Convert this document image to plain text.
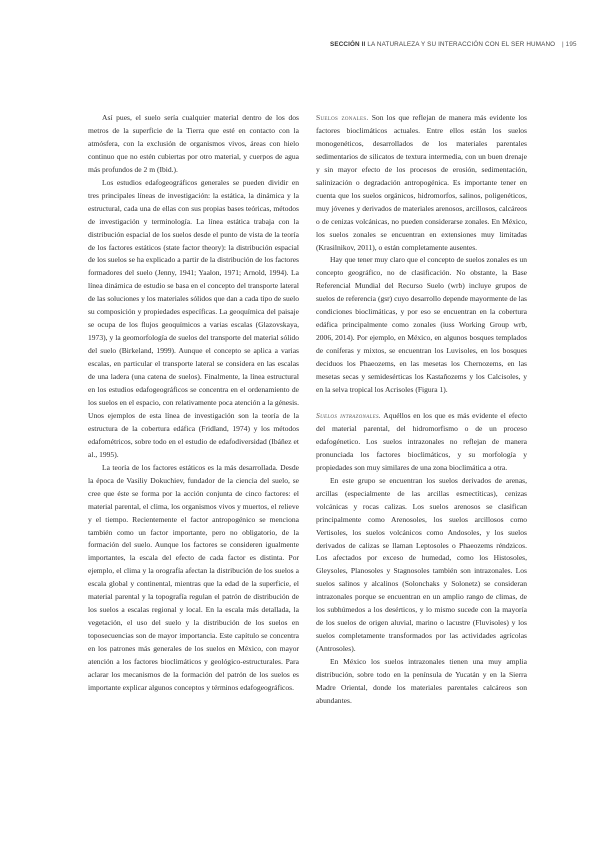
SECCIÓN II LA NATURALEZA Y SU INTERACCIÓN CON EL SER HUMANO | 195

Así pues, el suelo sería cualquier material dentro de los dos metros de la superficie de la Tierra que esté en contacto con la atmósfera, con la exclusión de organismos vivos, áreas con hielo continuo que no estén cubiertas por otro material, y cuerpos de agua más profundos de 2 m (Ibid.).

Los estudios edafogeográficos generales se pueden dividir en tres principales líneas de investigación: la estática, la dinámica y la estructural, cada una de ellas con sus propias bases teóricas, métodos de investigación y terminología. La línea estática trabaja con la distribución espacial de los suelos desde el punto de vista de la teoría de los factores estáticos (state factor theory): la distribución espacial de los suelos se ha explicado a partir de la distribución de los factores formadores del suelo (Jenny, 1941; Yaalon, 1971; Arnold, 1994). La línea dinámica de estudio se basa en el concepto del transporte lateral de las soluciones y los materiales sólidos que dan a cada tipo de suelo su composición y propiedades específicas. La geoquímica del paisaje se ocupa de los flujos geoquímicos a varias escalas (Glazovskaya, 1973), y la geomorfología de suelos del transporte del material sólido del suelo (Birkeland, 1999). Aunque el concepto se aplica a varias escalas, en particular el transporte lateral se considera en las escalas de una ladera (una catena de suelos). Finalmente, la línea estructural en los estudios edafogeográficos se concentra en el ordenamiento de los suelos en el espacio, con relativamente poca atención a la génesis. Unos ejemplos de esta línea de investigación son la teoría de la estructura de la cobertura edáfica (Fridland, 1974) y los métodos edafométricos, sobre todo en el estudio de edafodiversidad (Ibáñez et al., 1995).

La teoría de los factores estáticos es la más desarrollada. Desde la época de Vasiliy Dokuchiev, fundador de la ciencia del suelo, se cree que éste se forma por la acción conjunta de cinco factores: el material parental, el clima, los organismos vivos y muertos, el relieve y el tiempo. Recientemente el factor antropogénico se menciona también como un factor importante, pero no obligatorio, de la formación del suelo. Aunque los factores se consideren igualmente importantes, la escala del efecto de cada factor es distinta. Por ejemplo, el clima y la orografía afectan la distribución de los suelos a escala global y continental, mientras que la edad de la superficie, el material parental y la topografía regulan el patrón de distribución de los suelos a escalas regional y local. En la escala más detallada, la vegetación, el uso del suelo y la distribución de los suelos en toposecuencias son de mayor importancia. Este capítulo se concentra en los patrones más generales de los suelos en México, con mayor atención a los factores bioclimáticos y geológico-estructurales. Para aclarar los mecanismos de la formación del patrón de los suelos es importante explicar algunos conceptos y términos edafogeográficos.

Suelos zonales. Son los que reflejan de manera más evidente los factores bioclimáticos actuales. Entre ellos están los suelos monogenéticos, desarrollados de los materiales parentales sedimentarios de silicatos de textura intermedia, con un buen drenaje y sin mayor efecto de los procesos de erosión, sedimentación, salinización o degradación antropogénica. Es importante tener en cuenta que los suelos orgánicos, hidromorfos, salinos, poligenéticos, muy jóvenes y derivados de materiales arenosos, arcillosos, calcáreos o de cenizas volcánicas, no pueden considerarse zonales. En México, los suelos zonales se encuentran en extensiones muy limitadas (Krasilnikov, 2011), o están completamente ausentes.

Hay que tener muy claro que el concepto de suelos zonales es un concepto geográfico, no de clasificación. No obstante, la Base Referencial Mundial del Recurso Suelo (wrb) incluye grupos de suelos de referencia (gsr) cuyo desarrollo depende mayormente de las condiciones bioclimáticas, y por eso se encuentran en la cobertura edáfica principalmente como zonales (iuss Working Group wrb, 2006, 2014). Por ejemplo, en México, en algunos bosques templados de coníferas y mixtos, se encuentran los Luvisoles, en los bosques deciduos los Phaeozems, en las mesetas los Chernozems, en las mesetas secas y semidesérticas los Kastañozems y los Calcisoles, y en la selva tropical los Acrisoles (Figura 1).

Suelos intrazonales. Aquéllos en los que es más evidente el efecto del material parental, del hidromorfismo o de un proceso edafogénetico. Los suelos intrazonales no reflejan de manera pronunciada los factores bioclimáticos, y su morfología y propiedades son muy similares de una zona bioclimática a otra.

En este grupo se encuentran los suelos derivados de arenas, arcillas (especialmente de las arcillas esmectíticas), cenizas volcánicas y rocas calizas. Los suelos arenosos se clasifican principalmente como Arenosoles, los suelos arcillosos como Vertisoles, los suelos volcánicos como Andosoles, y los suelos derivados de calizas se llaman Leptosoles o Phaeozems réndzicos. Los afectados por exceso de humedad, como los Histosoles, Gleysoles, Planosoles y Stagnosoles también son intrazonales. Los suelos salinos y alcalinos (Solonchaks y Solonetz) se consideran intrazonales porque se encuentran en un amplio rango de climas, de los subhúmedos a los desérticos, y lo mismo sucede con la mayoría de los suelos de origen aluvial, marino o lacustre (Fluvisoles) y los suelos completamente transformados por las actividades agrícolas (Antrosoles).

En México los suelos intrazonales tienen una muy amplia distribución, sobre todo en la península de Yucatán y en la Sierra Madre Oriental, donde los materiales parentales calcáreos son abundantes.
